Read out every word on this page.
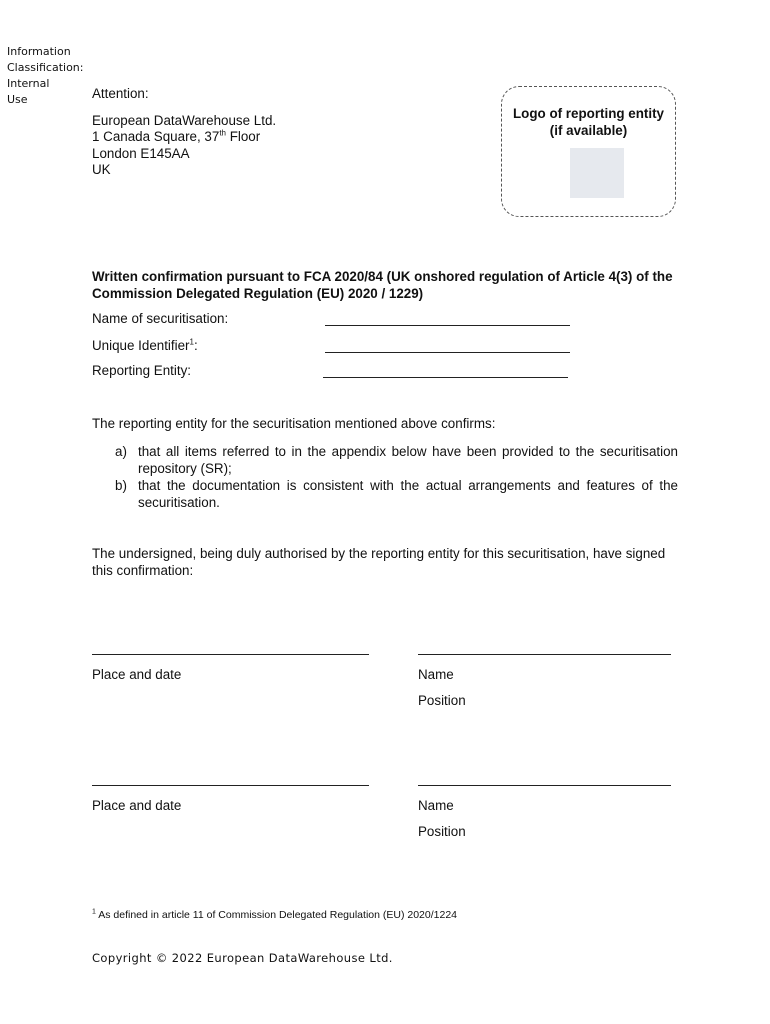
Information Classification: Internal Use	Attention:
European DataWarehouse Ltd.
1 Canada Square, 37th Floor
London E145AA
UK
Logo of reporting entity (if available)
Written confirmation pursuant to FCA 2020/84 (UK onshored regulation of Article 4(3) of the Commission Delegated Regulation (EU) 2020 / 1229)
Name of securitisation:
Unique Identifier$^1$:
Reporting Entity:
The reporting entity for the securitisation mentioned above confirms:
a) that all items referred to in the appendix below have been provided to the securitisation repository (SR);
b) that the documentation is consistent with the actual arrangements and features of the securitisation.
The undersigned, being duly authorised by the reporting entity for this securitisation, have signed this confirmation:
Place and date	Name
Position
Place and date	Name
Position
$^1$ As defined in article 11 of Commission Delegated Regulation (EU) 2020/1224
Copyright © 2022 European DataWarehouse Ltd.
